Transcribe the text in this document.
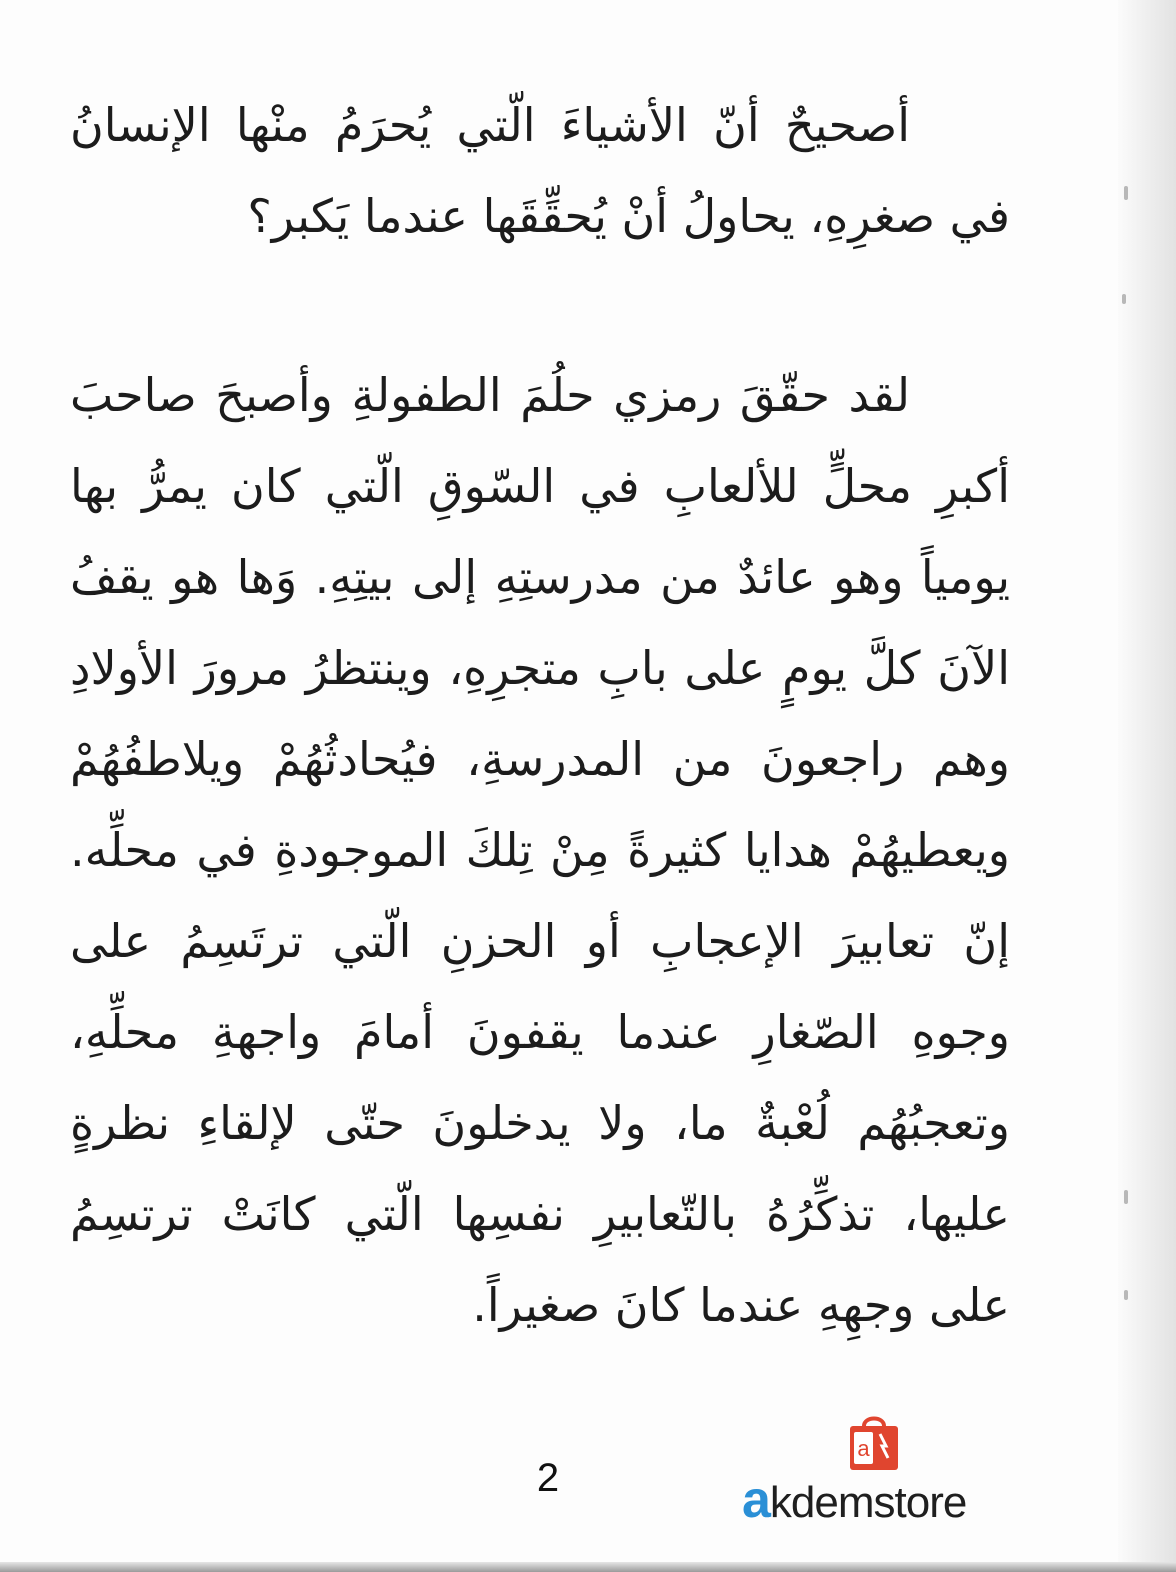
أصحيحٌ أنّ الأشياءَ الّتي يُحرَمُ منْها الإنسانُ في صغرِهِ، يحاولُ أنْ يُحقِّقَها عندما يَكبر؟

لقد حقّقَ رمزي حلُمَ الطفولةِ وأصبحَ صاحبَ أكبرِ محلٍّ للألعابِ في السّوقِ الّتي كان يمرُّ بها يومياً وهو عائدٌ من مدرستِهِ إلى بيتِهِ. وَها هو يقفُ الآنَ كلَّ يومٍ على بابِ متجرِهِ، وينتظرُ مرورَ الأولادِ وهم راجعونَ من المدرسةِ، فيُحادثُهُمْ ويلاطفُهُمْ ويعطيهُمْ هدايا كثيرةً مِنْ تِلكَ الموجودةِ في محلِّه. إنّ تعابيرَ الإعجابِ أو الحزنِ الّتي ترتَسِمُ على وجوهِ الصّغارِ عندما يقفونَ أمامَ واجهةِ محلِّهِ، وتعجبُهُم لُعْبةٌ ما، ولا يدخلونَ حتّى لإلقاءِ نظرةٍ عليها، تذكِّرُهُ بالتّعابيرِ نفسِها الّتي كانَتْ ترتسِمُ على وجهِهِ عندما كانَ صغيراً.

2
a
akdemstore
